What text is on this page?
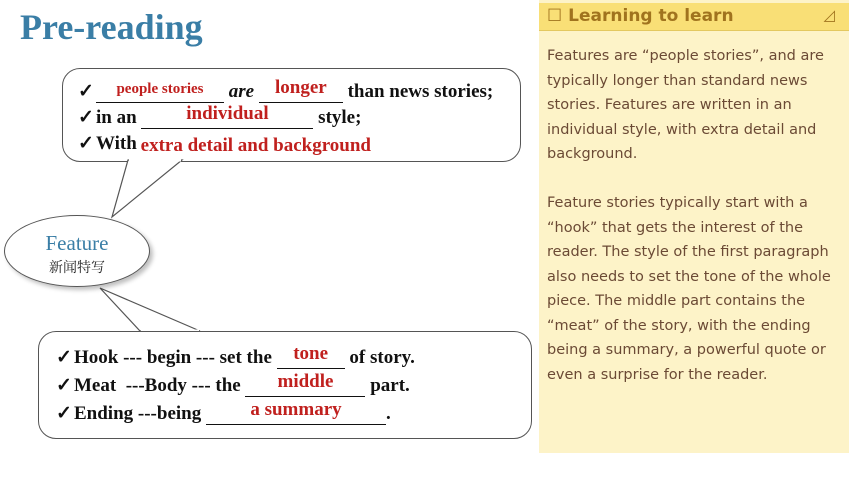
Pre-reading
✓ $^{people stories}$ are longer than news stories;
✓ in an	individual	style;
✓ With extra detail and background
Feature
新闻特写
✓ Hook --- begin --- set the tone of story.
✓ Meat  ---Body --- the middle part.
✓ Ending ---being	a summary .
☐ Learning to learn	◿
Features are “people stories”, and are typically longer than standard news stories. Features are written in an individual style, with extra detail and background.
Feature stories typically start with a “hook” that gets the interest of the reader. The style of the first paragraph also needs to set the tone of the whole piece. The middle part contains the “meat” of the story, with the ending being a summary, a powerful quote or even a surprise for the reader.
